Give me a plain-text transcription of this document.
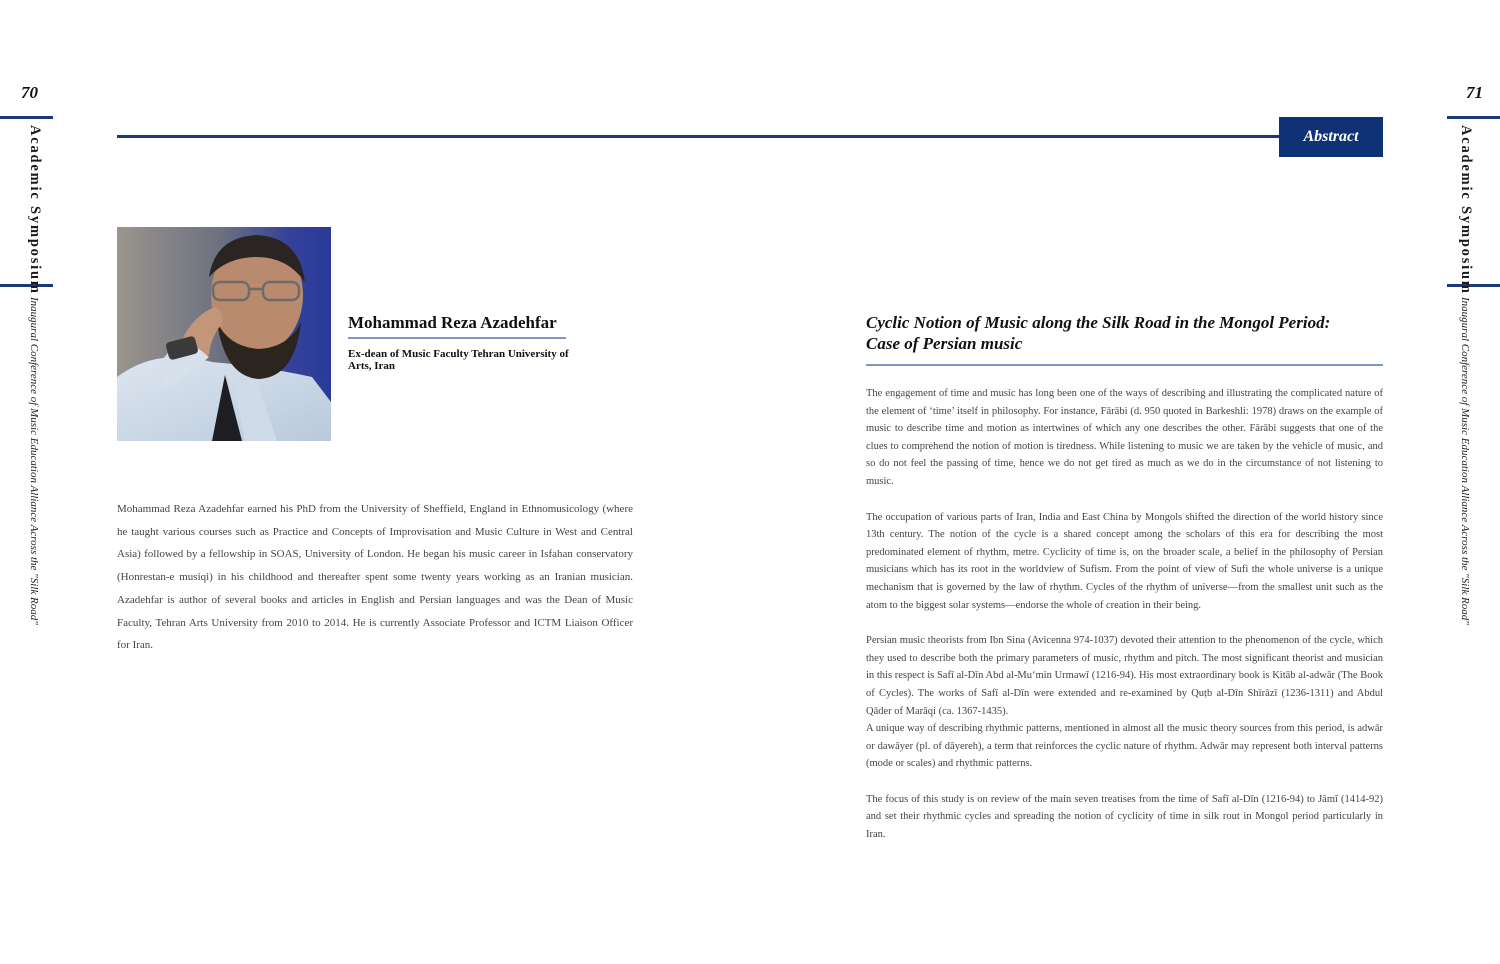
70	71
Academic Symposium
Inaugural Conference of Music Education Alliance Across the "Silk Road"
Academic Symposium
Inaugural Conference of Music Education Alliance Across the "Silk Road"
Abstract
Mohammad Reza Azadehfar
Ex-dean of Music Faculty Tehran University of Arts, Iran

Mohammad Reza Azadehfar earned his PhD from the University of Sheffield, England in Ethnomusicology (where he taught various courses such as Practice and Concepts of Improvisation and Music Culture in West and Central Asia) followed by a fellowship in SOAS, University of London. He began his music career in Isfahan conservatory (Honrestan-e musiqi) in his childhood and thereafter spent some twenty years working as an Iranian musician. Azadehfar is author of several books and articles in English and Persian languages and was the Dean of Music Faculty, Tehran Arts University from 2010 to 2014. He is currently Associate Professor and ICTM Liaison Officer for Iran.

Cyclic Notion of Music along the Silk Road in the Mongol Period:
Case of Persian music

The engagement of time and music has long been one of the ways of describing and illustrating the complicated nature of the element of ‘time’ itself in philosophy. For instance, Fārābi (d. 950 quoted in Barkeshli: 1978) draws on the example of music to describe time and motion as intertwines of which any one describes the other. Fārābi suggests that one of the clues to comprehend the notion of motion is tiredness. While listening to music we are taken by the vehicle of music, and so do not feel the passing of time, hence we do not get tired as much as we do in the circumstance of not listening to music.

The occupation of various parts of Iran, India and East China by Mongols shifted the direction of the world history since 13th century. The notion of the cycle is a shared concept among the scholars of this era for describing the most predominated element of rhythm, metre. Cyclicity of time is, on the broader scale, a belief in the philosophy of Persian musicians which has its root in the worldview of Sufism. From the point of view of Sufi the whole universe is a unique mechanism that is governed by the law of rhythm. Cycles of the rhythm of universe—from the smallest unit such as the atom to the biggest solar systems—endorse the whole of creation in their being.

Persian music theorists from Ibn Sina (Avicenna 974-1037) devoted their attention to the phenomenon of the cycle, which they used to describe both the primary parameters of music, rhythm and pitch. The most significant theorist and musician in this respect is Safī al-Dīn Abd al-Mu‘min Urmawī (1216-94). His most extraordinary book is Kitāb al-adwār (The Book of Cycles). The works of Safī al-Dīn were extended and re-examined by Quṭb al-Dīn Shīrāzī (1236-1311) and Abdul Qāder of Marāqi (ca. 1367-1435).

A unique way of describing rhythmic patterns, mentioned in almost all the music theory sources from this period, is adwār or dawāyer (pl. of dāyereh), a term that reinforces the cyclic nature of rhythm. Adwār may represent both interval patterns (mode or scales) and rhythmic patterns.

The focus of this study is on review of the main seven treatises from the time of Safī al-Dīn (1216-94) to Jāmī (1414-92) and set their rhythmic cycles and spreading the notion of cyclicity of time in silk rout in Mongol period particularly in Iran.
